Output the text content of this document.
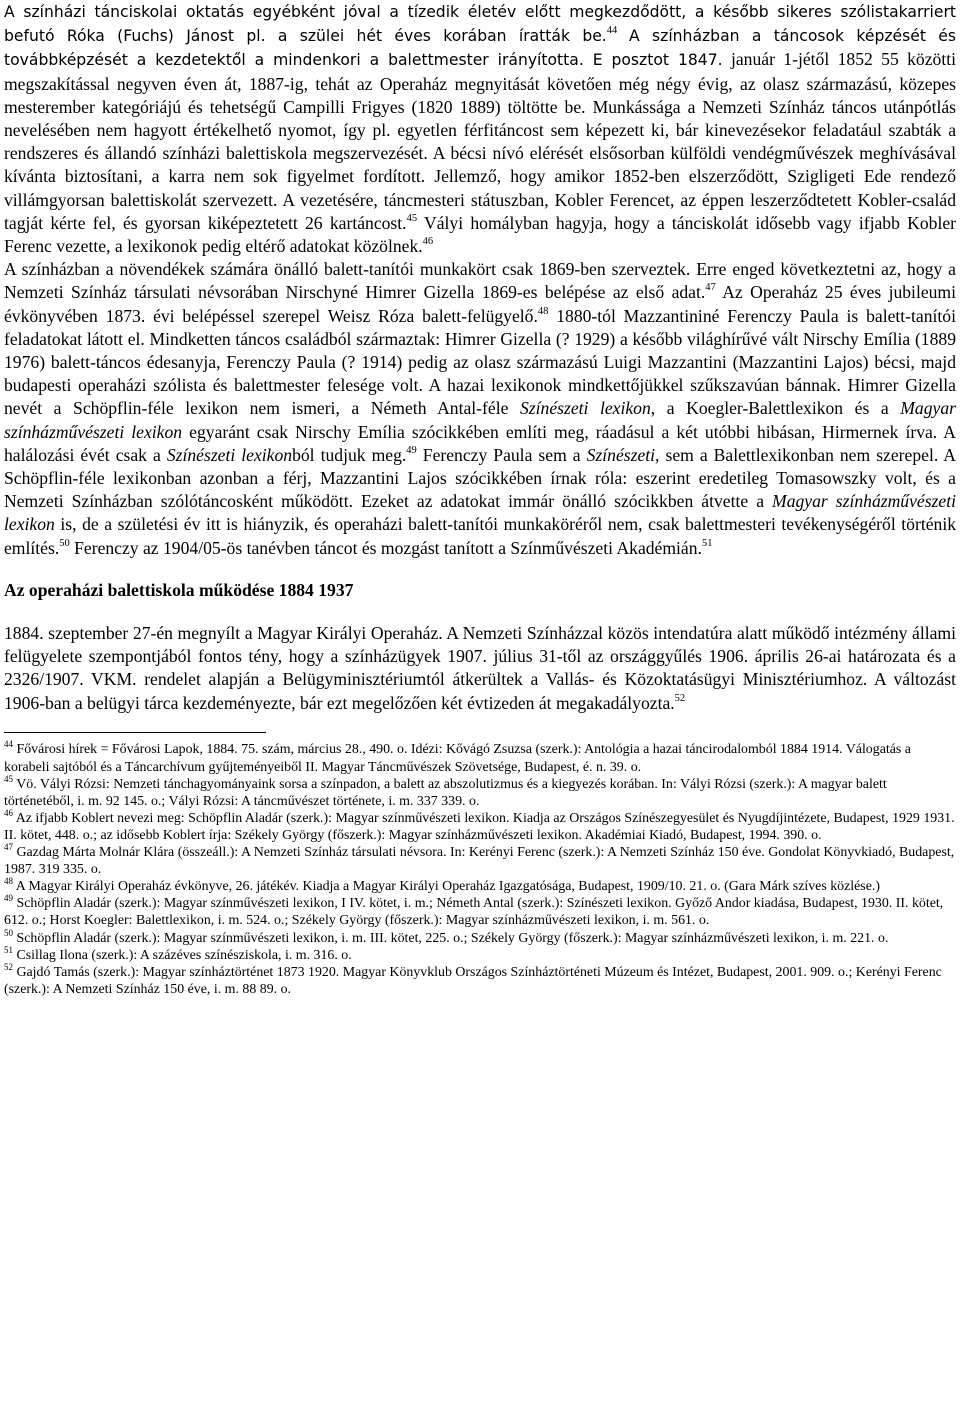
A színházi tánciskolai oktatás egyébként jóval a tízedik életév előtt megkezdődött, a később sikeres szólistakarriert befutó Róka (Fuchs) Jánost pl. a szülei hét éves korában íratták be.$^{44}$ A színházban a táncosok képzését és továbbképzését a kezdetektől a mindenkori a balettmester irányította. E posztot 1847. január 1-jétől 1852 55 közötti megszakítással negyven éven át, 1887-ig, tehát az Operaház megnyitását követően még négy évig, az olasz származású, közepes mesterember kategóriájú és tehetségű Campilli Frigyes (1820 1889) töltötte be. Munkássága a Nemzeti Színház táncos utánpótlás nevelésében nem hagyott értékelhető nyomot, így pl. egyetlen férfitáncost sem képezett ki, bár kinevezésekor feladatául szabták a rendszeres és állandó színházi balettiskola megszervezését. A bécsi nívó elérését elsősorban külföldi vendégművészek meghívásával kívánta biztosítani, a karra nem sok figyelmet fordított. Jellemző, hogy amikor 1852-ben elszerződött, Szigligeti Ede rendező villámgyorsan balettiskolát szervezett. A vezetésére, táncmesteri státuszban, Kobler Ferencet, az éppen leszerződtetett Kobler-család tagját kérte fel, és gyorsan kiképeztetett 26 kartáncost.$^{45}$ Vályi homályban hagyja, hogy a tánciskolát idősebb vagy ifjabb Kobler Ferenc vezette, a lexikonok pedig eltérő adatokat közölnek.$^{46}$

A színházban a növendékek számára önálló balett-tanítói munkakört csak 1869-ben szerveztek. Erre enged következtetni az, hogy a Nemzeti Színház társulati névsorában Nirschyné Himrer Gizella 1869-es belépése az első adat.$^{47}$ Az Operaház 25 éves jubileumi évkönyvében 1873. évi belépéssel szerepel Weisz Róza balett-felügyelő.$^{48}$ 1880-tól Mazzantininé Ferenczy Paula is balett-tanítói feladatokat látott el. Mindketten táncos családból származtak: Himrer Gizella (? 1929) a később világhírűvé vált Nirschy Emília (1889 1976) balett-táncos édesanyja, Ferenczy Paula (? 1914) pedig az olasz származású Luigi Mazzantini (Mazzantini Lajos) bécsi, majd budapesti operaházi szólista és balettmester felesége volt. A hazai lexikonok mindkettőjükkel szűkszavúan bánnak. Himrer Gizella nevét a Schöpflin-féle lexikon nem ismeri, a Németh Antal-féle Színészeti lexikon, a Koegler-Balettlexikon és a Magyar színházművészeti lexikon egyaránt csak Nirschy Emília szócikkében említi meg, ráadásul a két utóbbi hibásan, Hirmernek írva. A halálozási évét csak a Színészeti lexikonból tudjuk meg.$^{49}$ Ferenczy Paula sem a Színészeti, sem a Balettlexikonban nem szerepel. A Schöpflin-féle lexikonban azonban a férj, Mazzantini Lajos szócikkében írnak róla: eszerint eredetileg Tomasowszky volt, és a Nemzeti Színházban szólótáncosként működött. Ezeket az adatokat immár önálló szócikkben átvette a Magyar színházművészeti lexikon is, de a születési év itt is hiányzik, és operaházi balett-tanítói munkaköréről nem, csak balettmesteri tevékenységéről történik említés.$^{50}$ Ferenczy az 1904/05-ös tanévben táncot és mozgást tanított a Színművészeti Akadémián.$^{51}$

Az operaházi balettiskola működése 1884 1937

1884. szeptember 27-én megnyílt a Magyar Királyi Operaház. A Nemzeti Színházzal közös intendatúra alatt működő intézmény állami felügyelete szempontjából fontos tény, hogy a színházügyek 1907. július 31-től az országgyűlés 1906. április 26-ai határozata és a 2326/1907. VKM. rendelet alapján a Belügyminisztériumtól átkerültek a Vallás- és Közoktatásügyi Minisztériumhoz. A változást 1906-ban a belügyi tárca kezdeményezte, bár ezt megelőzően két évtizeden át megakadályozta.$^{52}$

$^{44}$ Fővárosi hírek = Fővárosi Lapok, 1884. 75. szám, március 28., 490. o. Idézi: Kővágó Zsuzsa (szerk.): Antológia a hazai táncirodalomból 1884 1914. Válogatás a korabeli sajtóból és a Táncarchívum gyűjteményeiből II. Magyar Táncművészek Szövetsége, Budapest, é. n. 39. o.

$^{45}$ Vö. Vályi Rózsi: Nemzeti tánchagyományaink sorsa a színpadon, a balett az abszolutizmus és a kiegyezés korában. In: Vályi Rózsi (szerk.): A magyar balett történetéből, i. m. 92 145. o.; Vályi Rózsi: A táncművészet története, i. m. 337 339. o.

$^{46}$ Az ifjabb Koblert nevezi meg: Schöpflin Aladár (szerk.): Magyar színművészeti lexikon. Kiadja az Országos Színészegyesület és Nyugdíjintézete, Budapest, 1929 1931. II. kötet, 448. o.; az idősebb Koblert írja: Székely György (főszerk.): Magyar színházművészeti lexikon. Akadémiai Kiadó, Budapest, 1994. 390. o.

$^{47}$ Gazdag Márta Molnár Klára (összeáll.): A Nemzeti Színház társulati névsora. In: Kerényi Ferenc (szerk.): A Nemzeti Színház 150 éve. Gondolat Könyvkiadó, Budapest, 1987. 319 335. o.

$^{48}$ A Magyar Királyi Operaház évkönyve, 26. játékév. Kiadja a Magyar Királyi Operaház Igazgatósága, Budapest, 1909/10. 21. o. (Gara Márk szíves közlése.)

$^{49}$ Schöpflin Aladár (szerk.): Magyar színművészeti lexikon, I IV. kötet, i. m.; Németh Antal (szerk.): Színészeti lexikon. Győző Andor kiadása, Budapest, 1930. II. kötet, 612. o.; Horst Koegler: Balettlexikon, i. m. 524. o.; Székely György (főszerk.): Magyar színházművészeti lexikon, i. m. 561. o.

$^{50}$ Schöpflin Aladár (szerk.): Magyar színművészeti lexikon, i. m. III. kötet, 225. o.; Székely György (főszerk.): Magyar színházművészeti lexikon, i. m. 221. o.

$^{51}$ Csillag Ilona (szerk.): A százéves színésziskola, i. m. 316. o.

$^{52}$ Gajdó Tamás (szerk.): Magyar színháztörténet 1873 1920. Magyar Könyvklub Országos Színháztörténeti Múzeum és Intézet, Budapest, 2001. 909. o.; Kerényi Ferenc (szerk.): A Nemzeti Színház 150 éve, i. m. 88 89. o.
